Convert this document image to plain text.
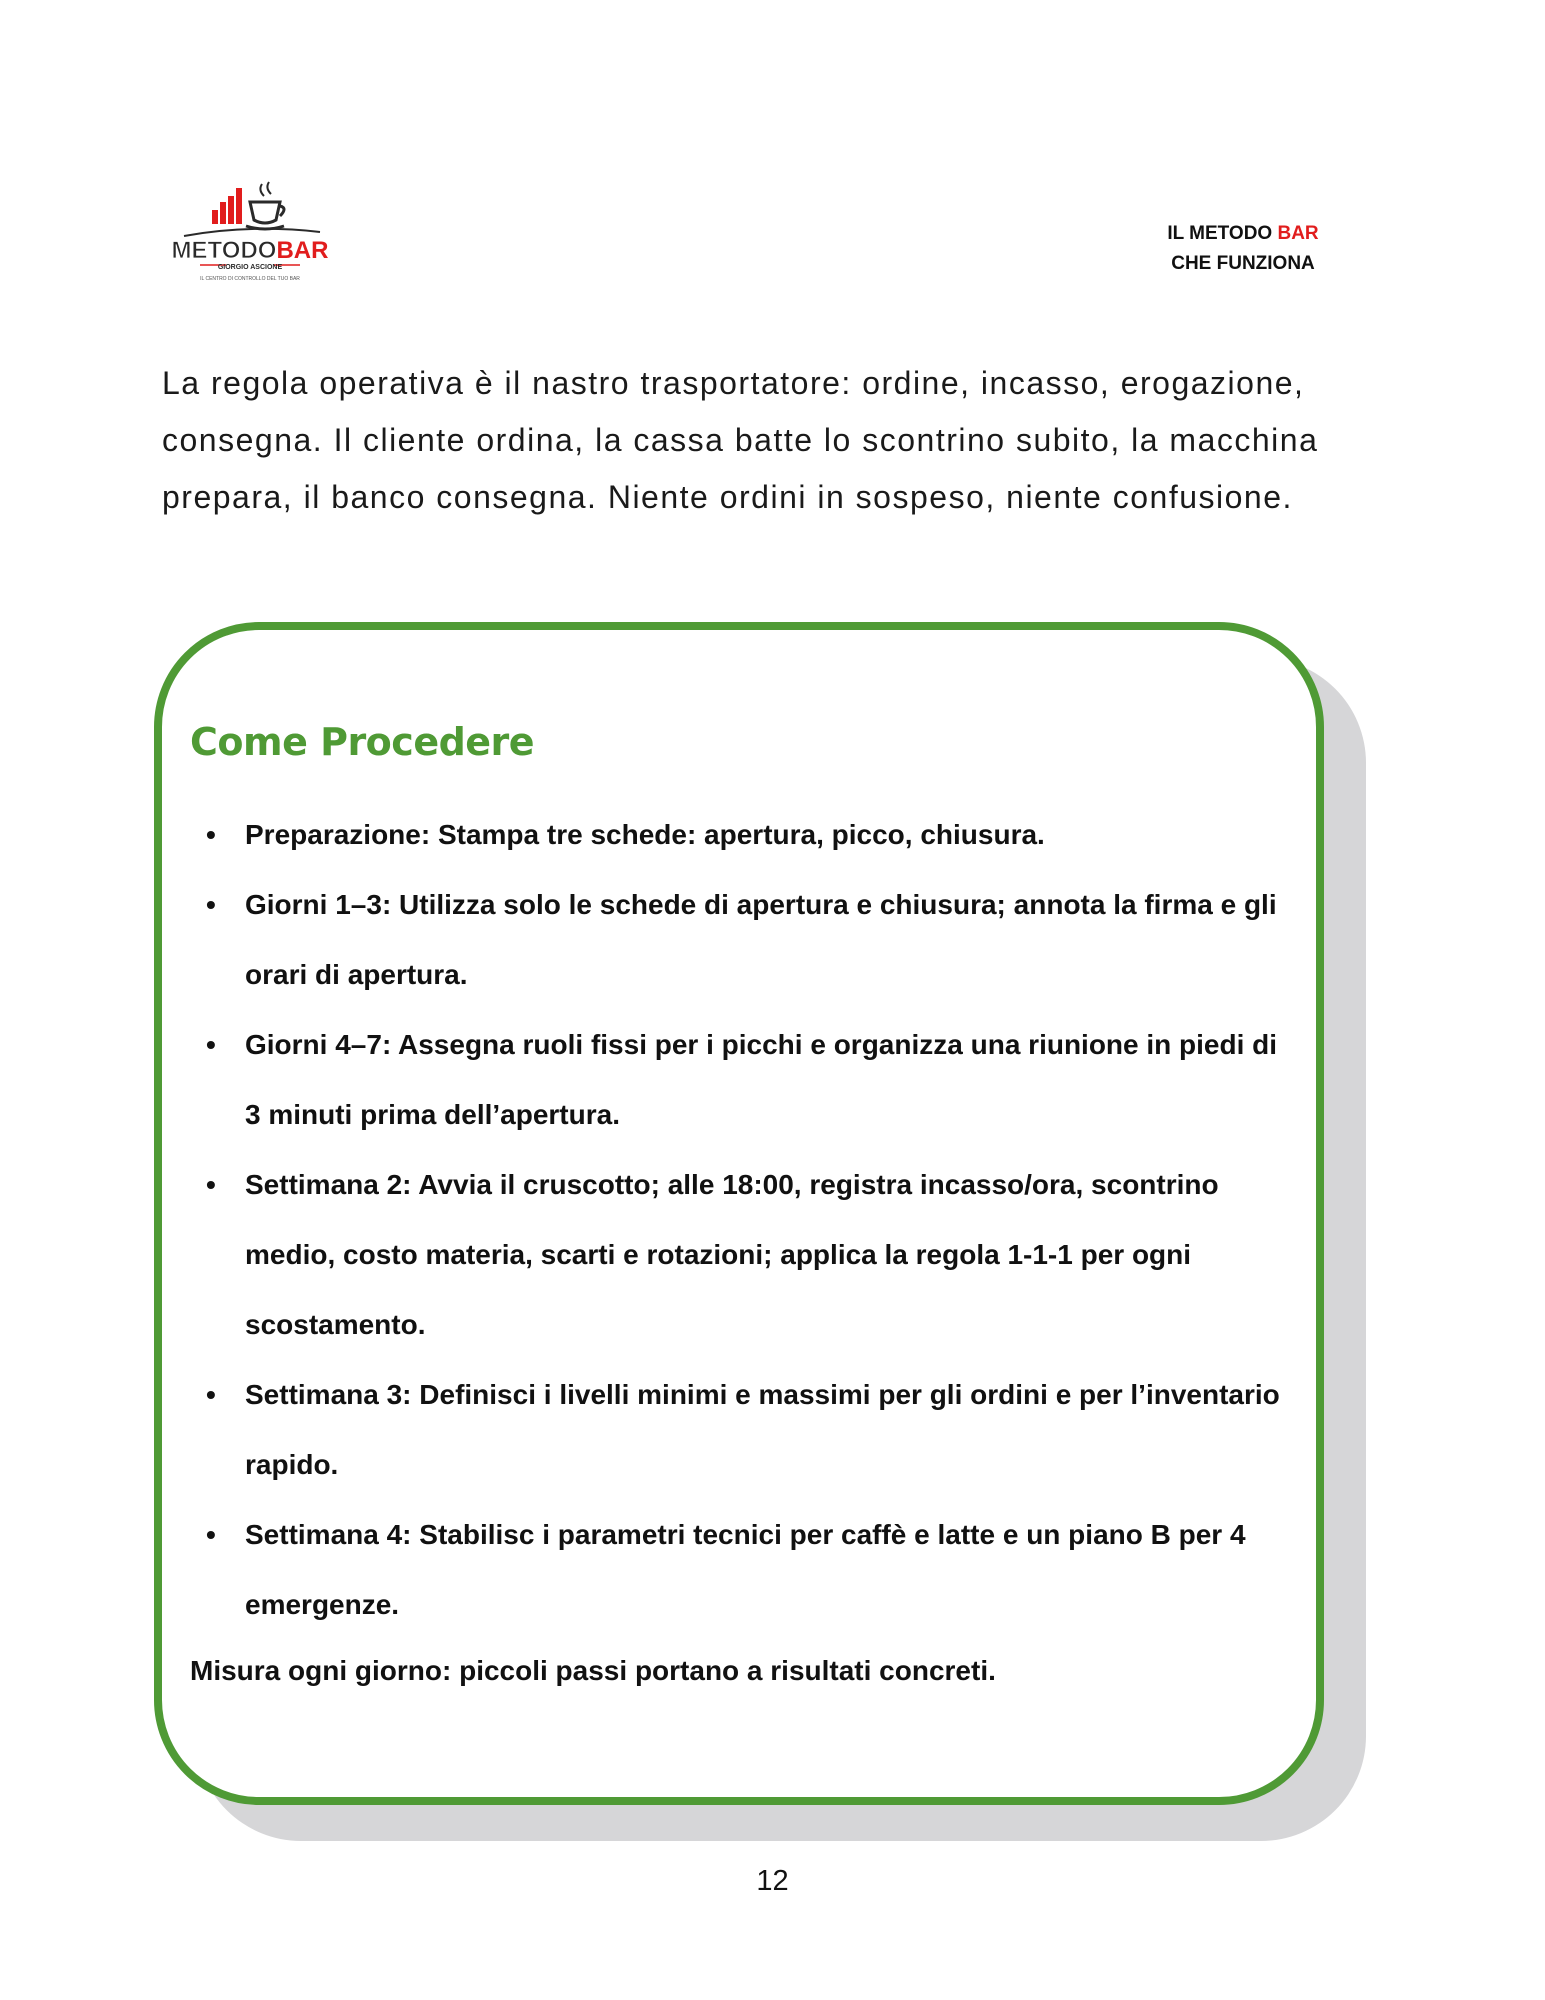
METODOBAR
GIORGIO ASCIONE
IL CENTRO DI CONTROLLO DEL TUO BAR
IL METODO BAR
CHE FUNZIONA

La regola operativa è il nastro trasportatore: ordine, incasso, erogazione, consegna. Il cliente ordina, la cassa batte lo scontrino subito, la macchina prepara, il banco consegna. Niente ordini in sospeso, niente confusione.

Come Procedere
• Preparazione: Stampa tre schede: apertura, picco, chiusura.
• Giorni 1–3: Utilizza solo le schede di apertura e chiusura; annota la firma e gli orari di apertura.
• Giorni 4–7: Assegna ruoli fissi per i picchi e organizza una riunione in piedi di 3 minuti prima dell’apertura.
• Settimana 2: Avvia il cruscotto; alle 18:00, registra incasso/ora, scontrino medio, costo materia, scarti e rotazioni; applica la regola 1-1-1 per ogni scostamento.
• Settimana 3: Definisci i livelli minimi e massimi per gli ordini e per l’inventario rapido.
• Settimana 4: Stabilisc i parametri tecnici per caffè e latte e un piano B per 4 emergenze.

Misura ogni giorno: piccoli passi portano a risultati concreti.

12
